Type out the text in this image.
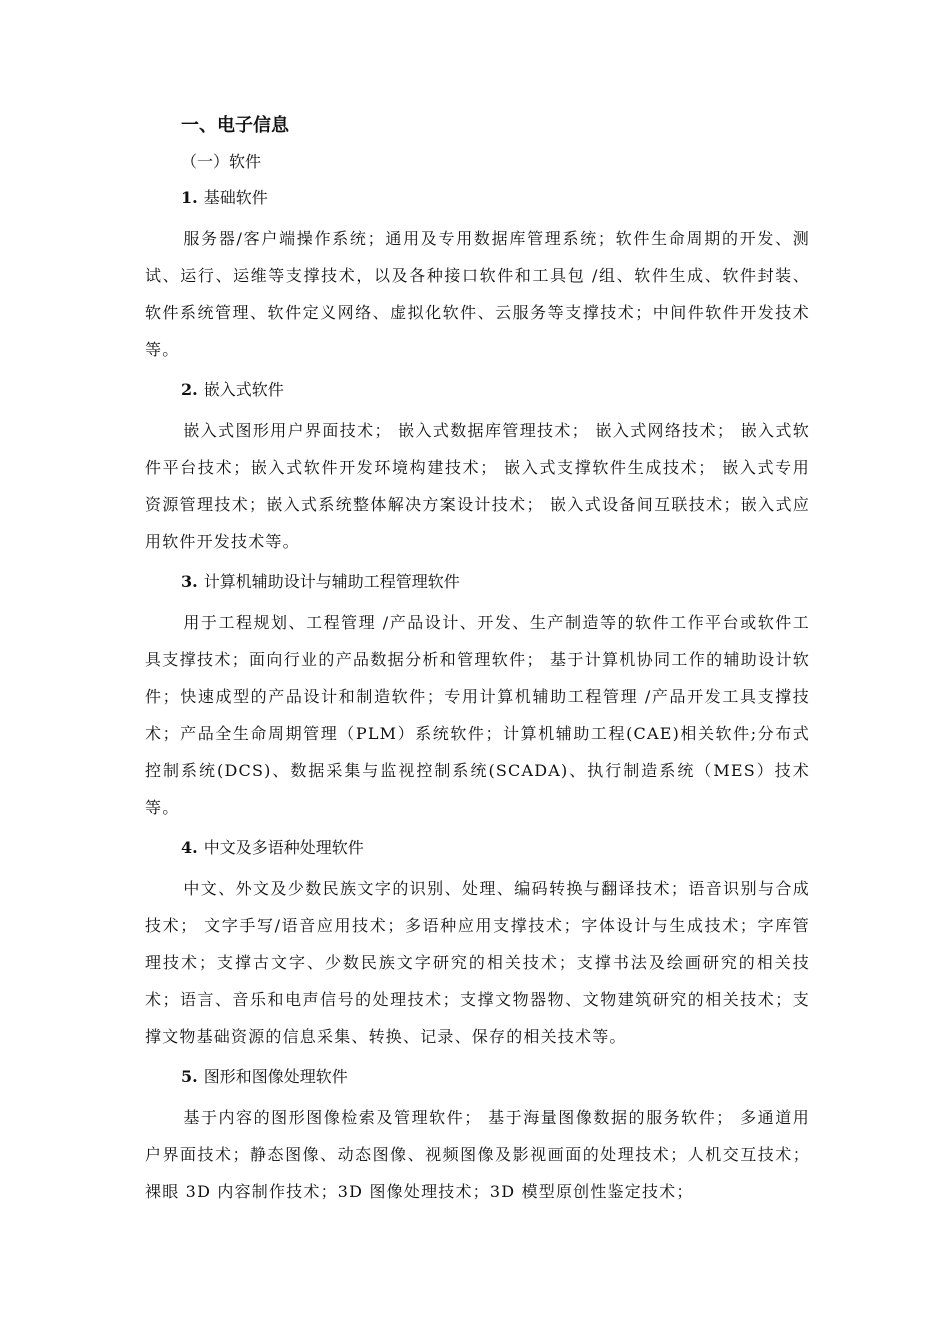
一、电子信息
（一）软件
1. 基础软件

服务器/客户端操作系统；通用及专用数据库管理系统；软件生命周期的开发、测试、运行、运维等支撑技术，以及各种接口软件和工具包 /组、软件生成、软件封装、软件系统管理、软件定义网络、虚拟化软件、云服务等支撑技术；中间件软件开发技术等。

2. 嵌入式软件

嵌入式图形用户界面技术； 嵌入式数据库管理技术； 嵌入式网络技术； 嵌入式软件平台技术；嵌入式软件开发环境构建技术； 嵌入式支撑软件生成技术； 嵌入式专用资源管理技术；嵌入式系统整体解决方案设计技术； 嵌入式设备间互联技术；嵌入式应用软件开发技术等。

3. 计算机辅助设计与辅助工程管理软件

用于工程规划、工程管理 /产品设计、开发、生产制造等的软件工作平台或软件工具支撑技术；面向行业的产品数据分析和管理软件； 基于计算机协同工作的辅助设计软件；快速成型的产品设计和制造软件；专用计算机辅助工程管理 /产品开发工具支撑技术；产品全生命周期管理（PLM）系统软件；计算机辅助工程(CAE)相关软件;分布式控制系统(DCS)、数据采集与监视控制系统(SCADA)、执行制造系统（MES）技术等。

4. 中文及多语种处理软件

中文、外文及少数民族文字的识别、处理、编码转换与翻译技术；语音识别与合成技术； 文字手写/语音应用技术；多语种应用支撑技术；字体设计与生成技术；字库管理技术；支撑古文字、少数民族文字研究的相关技术；支撑书法及绘画研究的相关技术；语言、音乐和电声信号的处理技术；支撑文物器物、文物建筑研究的相关技术；支撑文物基础资源的信息采集、转换、记录、保存的相关技术等。

5. 图形和图像处理软件

基于内容的图形图像检索及管理软件； 基于海量图像数据的服务软件； 多通道用户界面技术；静态图像、动态图像、视频图像及影视画面的处理技术；人机交互技术；裸眼 3D 内容制作技术；3D 图像处理技术；3D 模型原创性鉴定技术；
